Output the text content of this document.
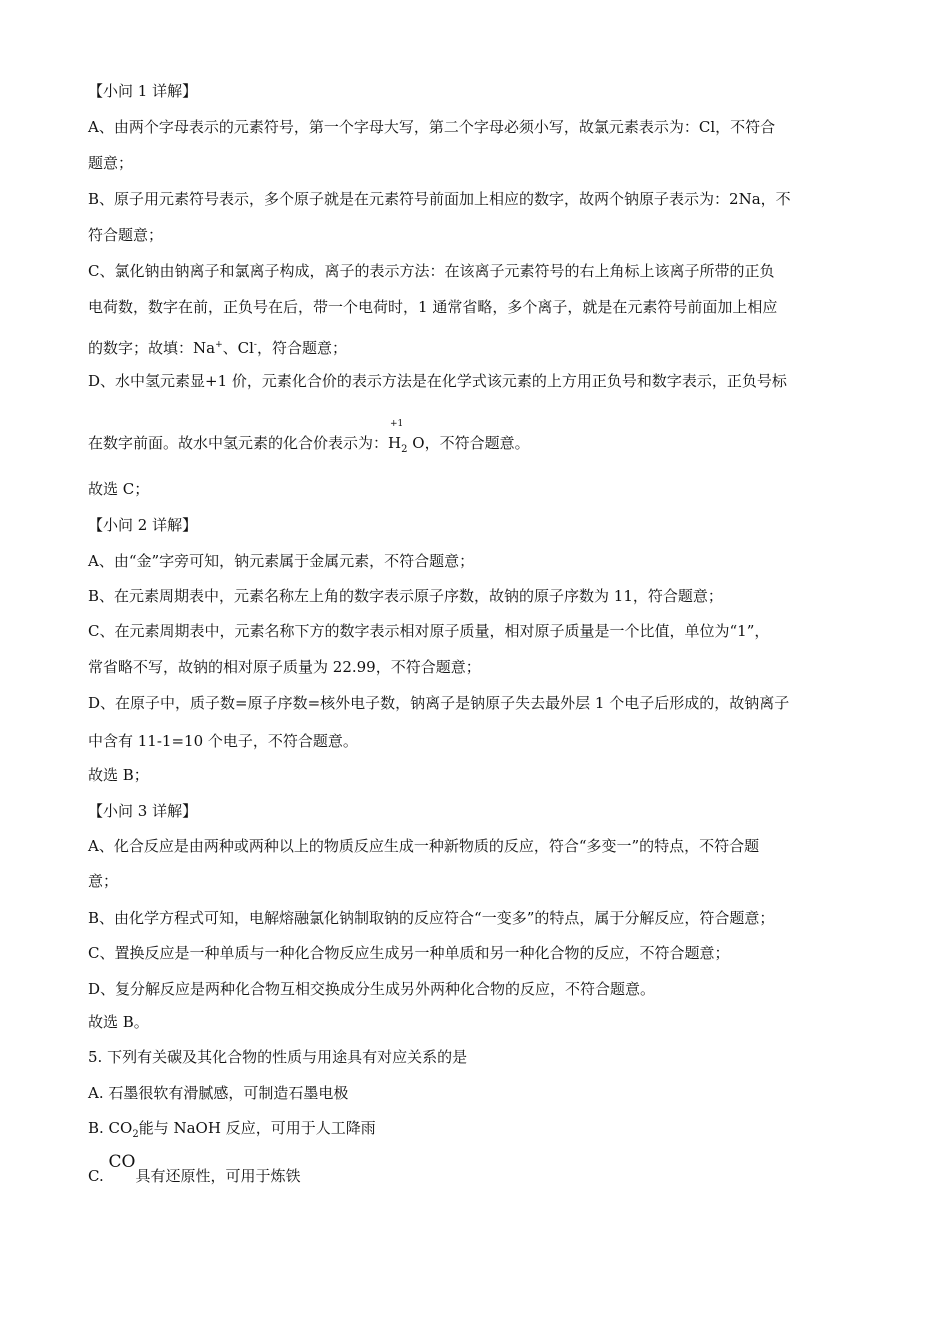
【小问 1 详解】
A、由两个字母表示的元素符号，第一个字母大写，第二个字母必须小写，故氯元素表示为：Cl，不符合
题意；
B、原子用元素符号表示，多个原子就是在元素符号前面加上相应的数字，故两个钠原子表示为：2Na，不
符合题意；
C、氯化钠由钠离子和氯离子构成，离子的表示方法：在该离子元素符号的右上角标上该离子所带的正负
电荷数，数字在前，正负号在后，带一个电荷时，1 通常省略，多个离子，就是在元素符号前面加上相应
的数字；故填：Na+、Cl-，符合题意；
D、水中氢元素显+1 价，元素化合价的表示方法是在化学式该元素的上方用正负号和数字表示，正负号标
在数字前面。故水中氢元素的化合价表示为：
+1
$H_2$ O，不符合题意。
故选 C；
【小问 2 详解】
A、由“金”字旁可知，钠元素属于金属元素，不符合题意；
B、在元素周期表中，元素名称左上角的数字表示原子序数，故钠的原子序数为 11，符合题意；
C、在元素周期表中，元素名称下方的数字表示相对原子质量，相对原子质量是一个比值，单位为“1”，
常省略不写，故钠的相对原子质量为 22.99，不符合题意；
D、在原子中，质子数=原子序数=核外电子数，钠离子是钠原子失去最外层 1 个电子后形成的，故钠离子
中含有 11-1=10 个电子，不符合题意。
故选 B；
【小问 3 详解】
A、化合反应是由两种或两种以上的物质反应生成一种新物质的反应，符合“多变一”的特点，不符合题
意；
B、由化学方程式可知，电解熔融氯化钠制取钠的反应符合“一变多”的特点，属于分解反应，符合题意；
C、置换反应是一种单质与一种化合物反应生成另一种单质和另一种化合物的反应，不符合题意；
D、复分解反应是两种化合物互相交换成分生成另外两种化合物的反应，不符合题意。
故选 B。
5. 下列有关碳及其化合物的性质与用途具有对应关系的是
A. 石墨很软有滑腻感，可制造石墨电极
B. $CO_2$能与 NaOH 反应，可用于人工降雨
C. CO具有还原性，可用于炼铁
